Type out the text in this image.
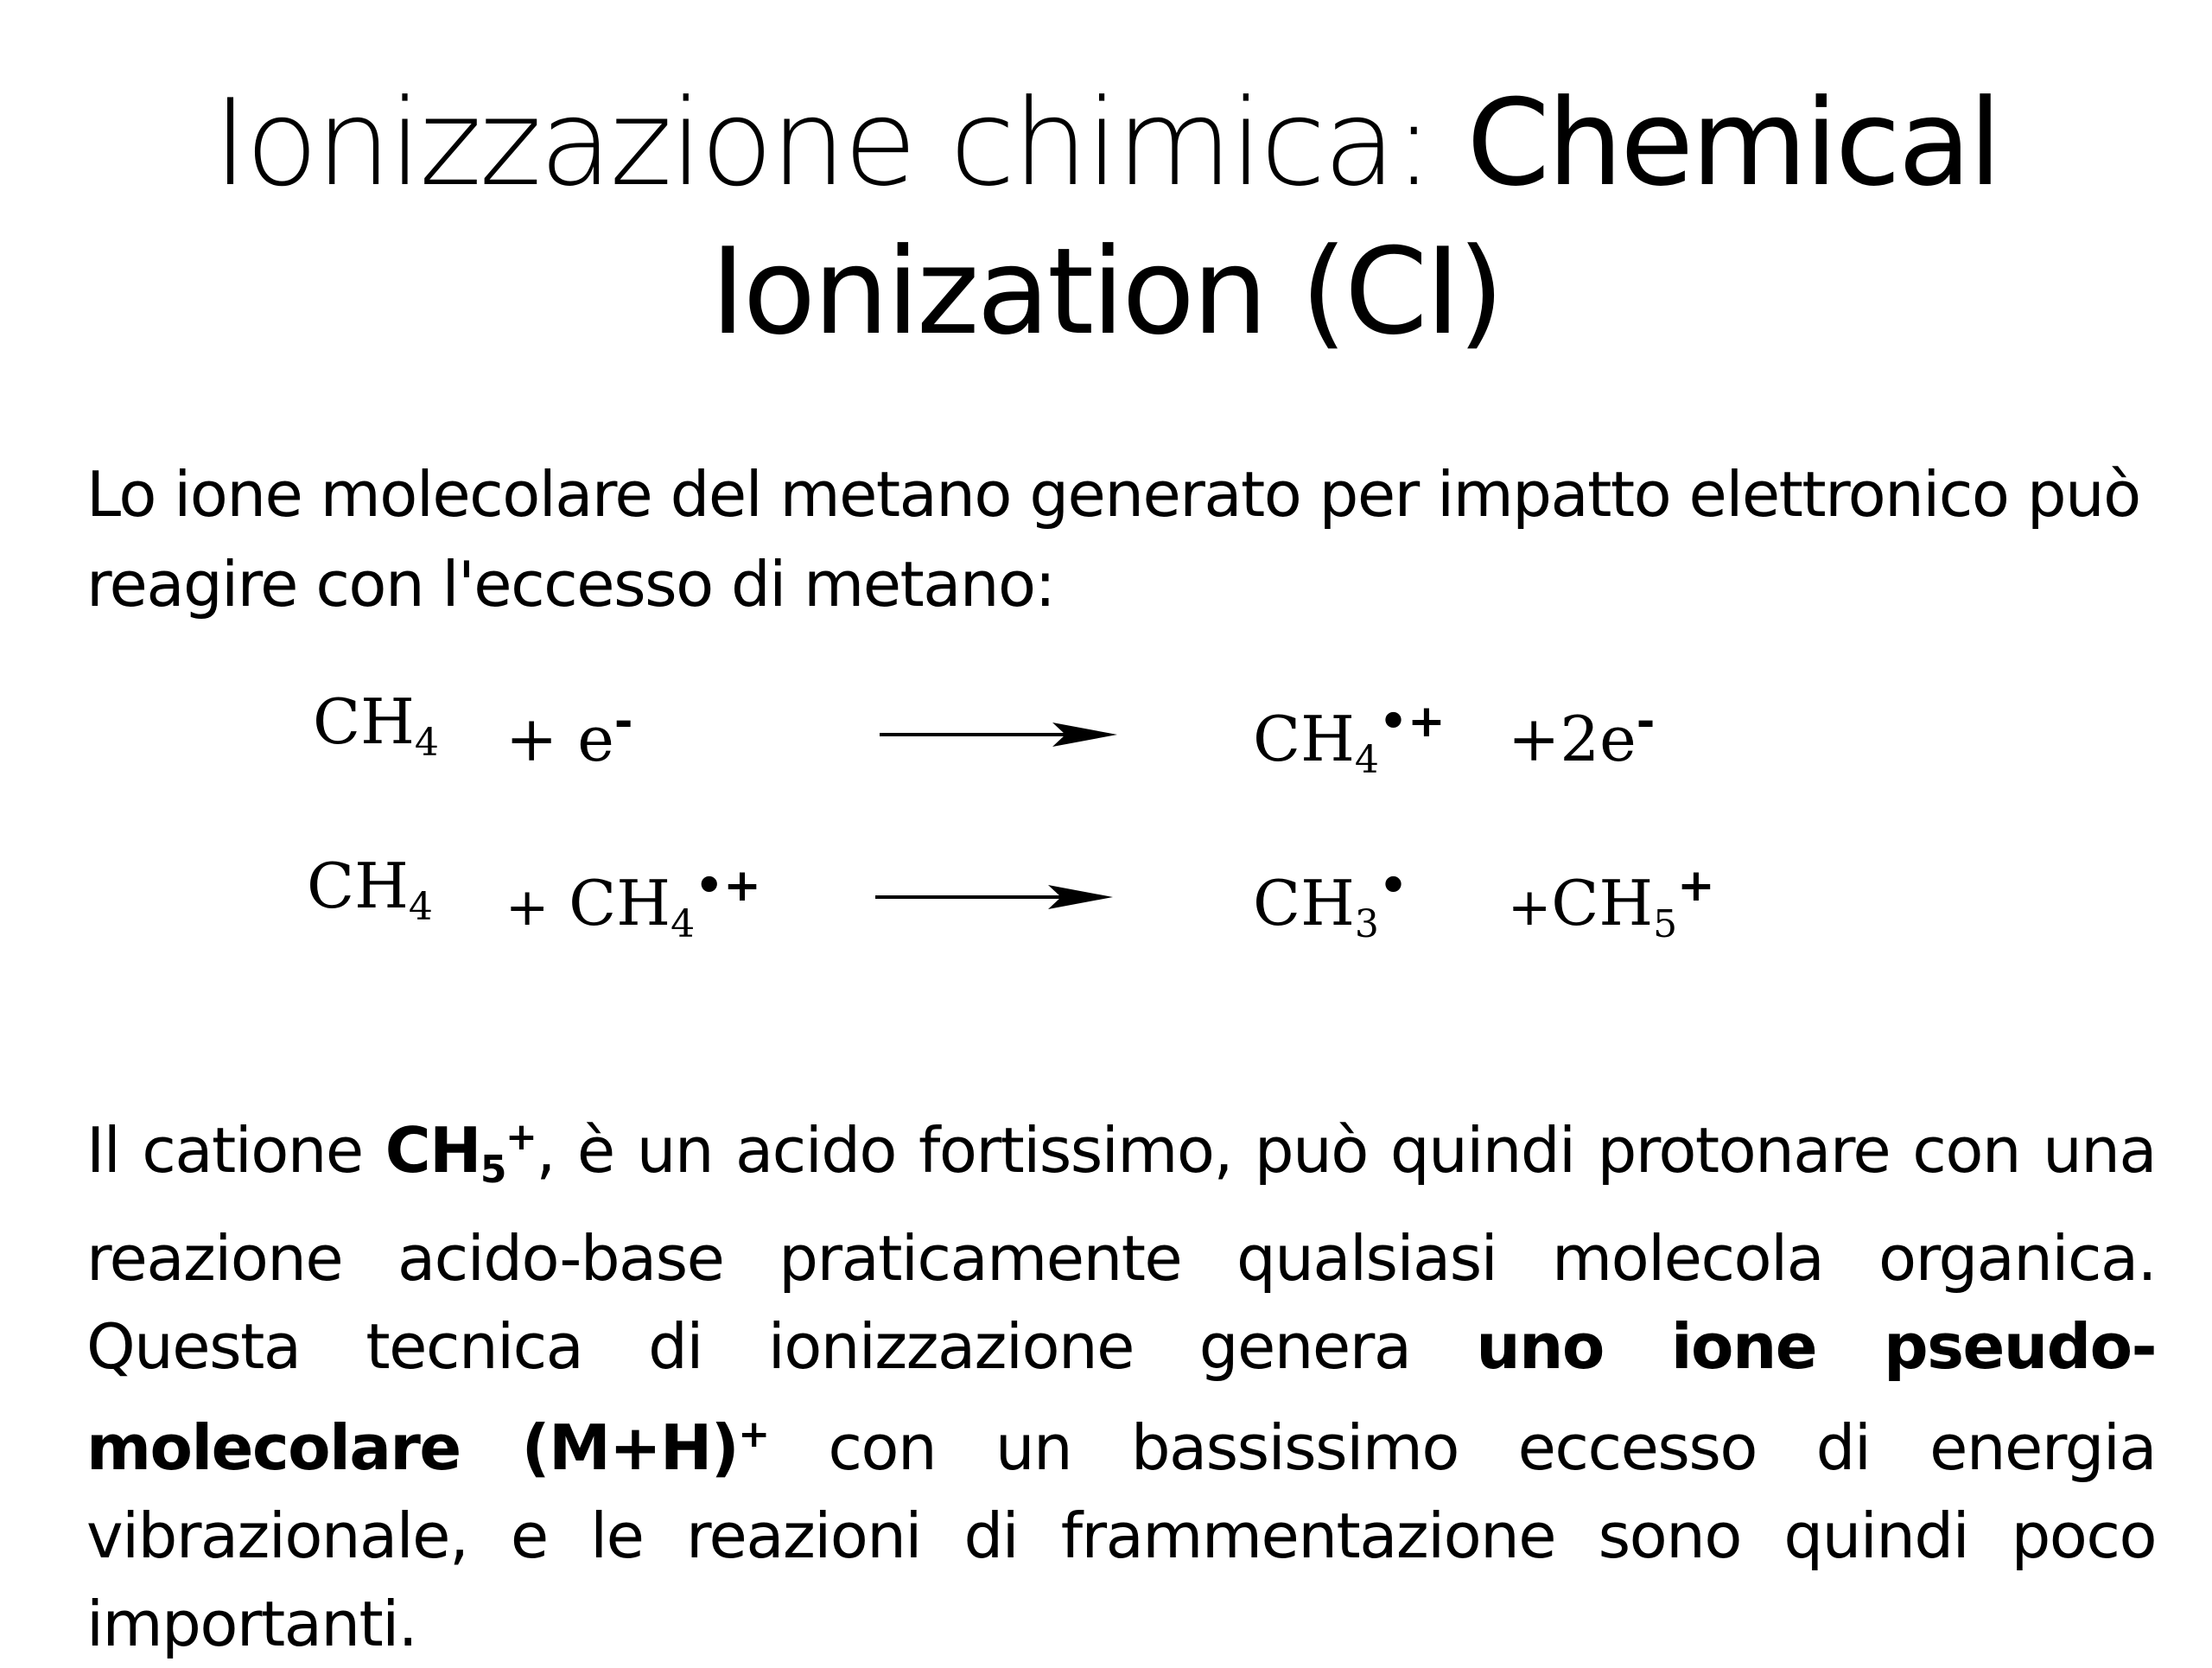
Ionizzazione chimica: Chemical Ionization (CI)
Lo ione molecolare del metano generato per impatto elettronico può reagire con l'eccesso di metano:
$CH_4 + e^-$	$CH_4^{•+} +2e^-$
$CH_4 + CH_4^{•+}$	$CH_3^• +CH_5^+$
Il catione $CH_5^+$, è un acido fortissimo, può quindi protonare con una reazione acido-base praticamente qualsiasi molecola organica. Questa tecnica di ionizzazione genera uno ione pseudo-molecolare (M+H)+ con un bassissimo eccesso di energia vibrazionale, e le reazioni di frammentazione sono quindi poco importanti.
